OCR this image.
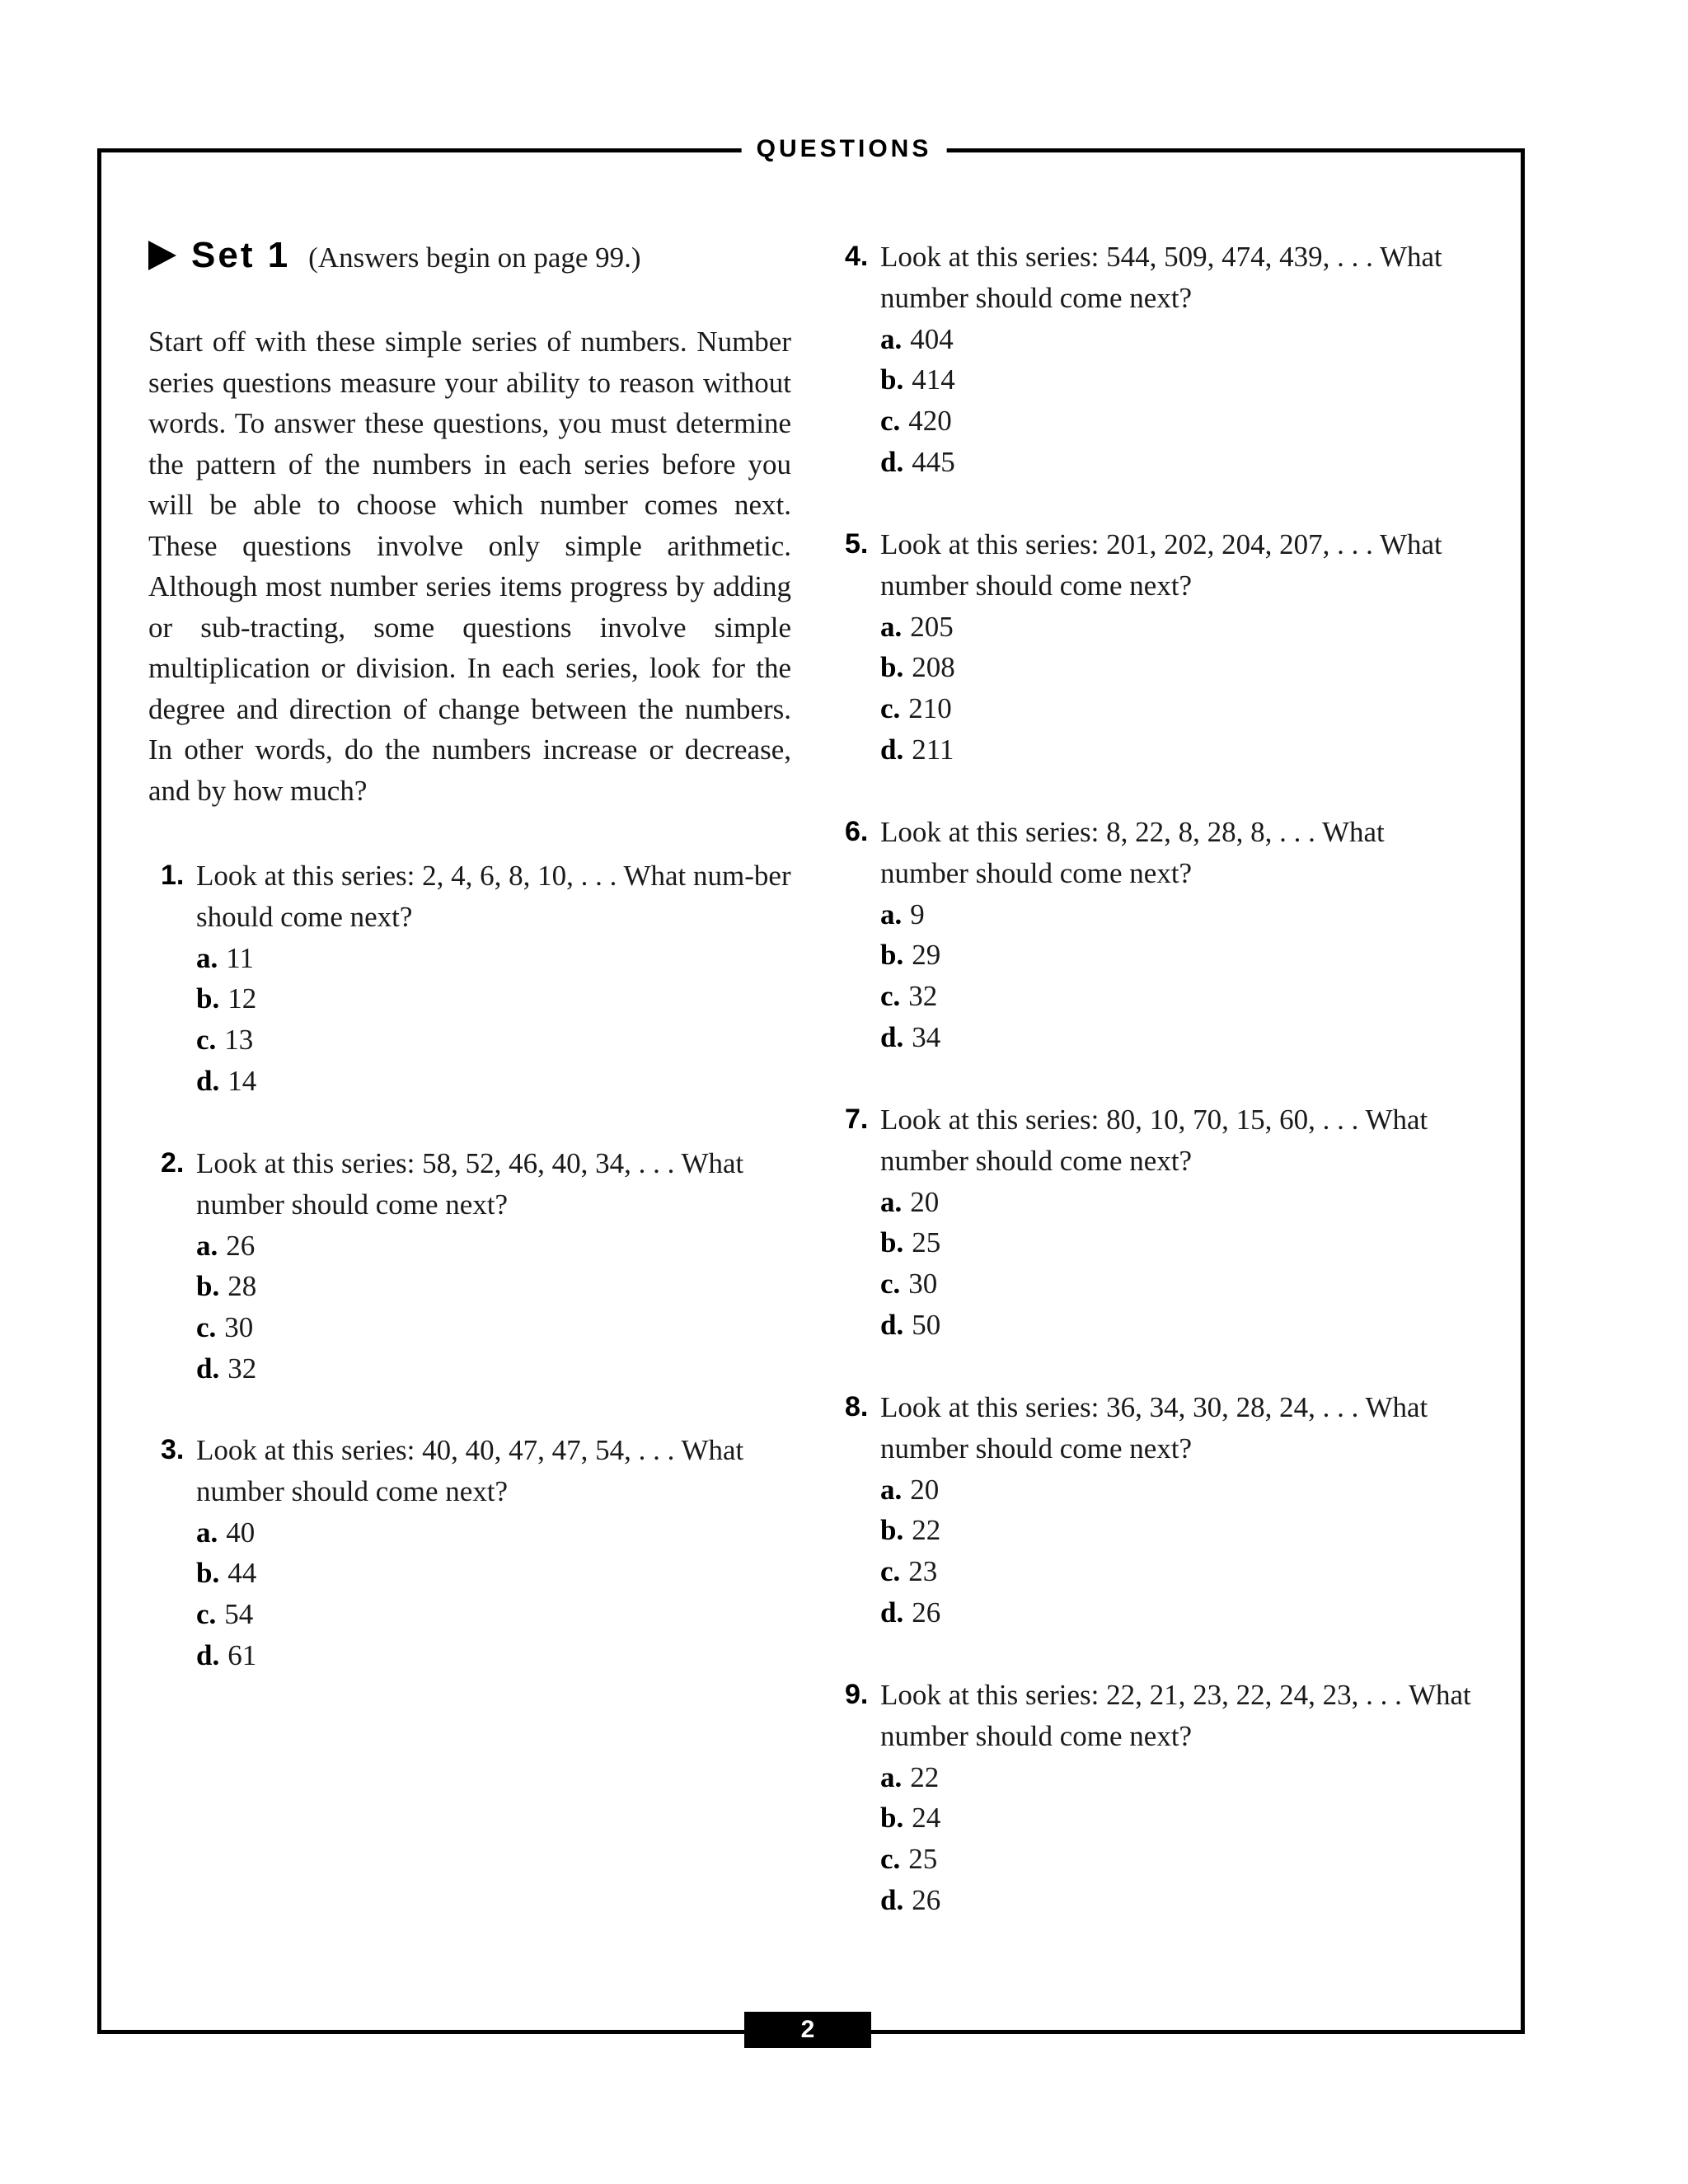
QUESTIONS
Set 1 (Answers begin on page 99.)

Start off with these simple series of numbers. Number series questions measure your ability to reason without words. To answer these questions, you must determine the pattern of the numbers in each series before you will be able to choose which number comes next. These questions involve only simple arithmetic. Although most number series items progress by adding or sub-tracting, some questions involve simple multiplication or division. In each series, look for the degree and direction of change between the numbers. In other words, do the numbers increase or decrease, and by how much?

1. Look at this series: 2, 4, 6, 8, 10, . . . What num-ber should come next?
a. 11
b. 12
c. 13
d. 14
2. Look at this series: 58, 52, 46, 40, 34, . . . What number should come next?
a. 26
b. 28
c. 30
d. 32
3. Look at this series: 40, 40, 47, 47, 54, . . . What number should come next?
a. 40
b. 44
c. 54
d. 61
4. Look at this series: 544, 509, 474, 439, . . . What number should come next?
a. 404
b. 414
c. 420
d. 445
5. Look at this series: 201, 202, 204, 207, . . . What number should come next?
a. 205
b. 208
c. 210
d. 211
6. Look at this series: 8, 22, 8, 28, 8, . . . What number should come next?
a. 9
b. 29
c. 32
d. 34
7. Look at this series: 80, 10, 70, 15, 60, . . . What number should come next?
a. 20
b. 25
c. 30
d. 50
8. Look at this series: 36, 34, 30, 28, 24, . . . What number should come next?
a. 20
b. 22
c. 23
d. 26
9. Look at this series: 22, 21, 23, 22, 24, 23, . . . What number should come next?
a. 22
b. 24
c. 25
d. 26
2
